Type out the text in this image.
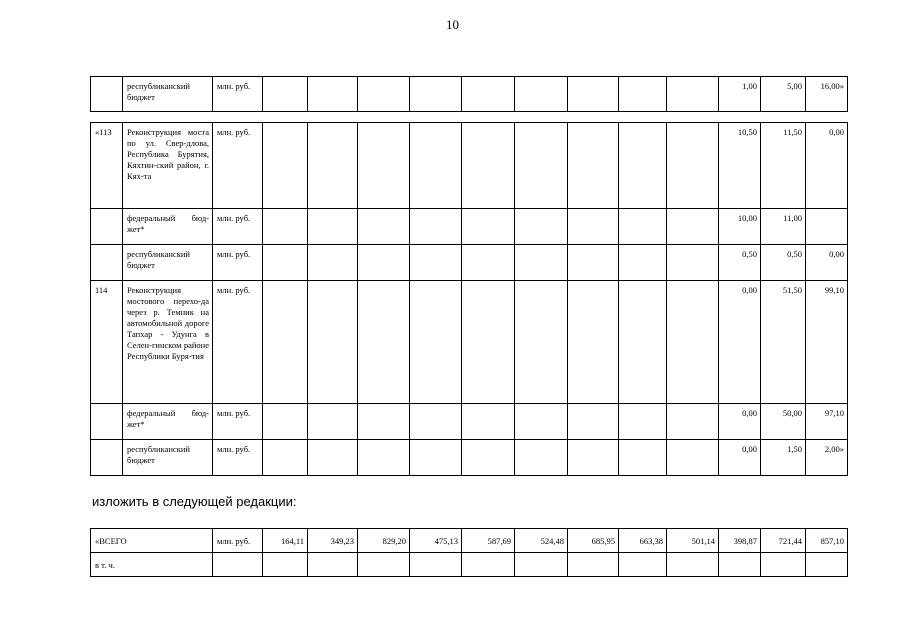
10
	республиканский бюджет	млн. руб.										1,00	5,00	16,00»
«113	Реконструкция моста по ул. Свер-длова, Республика Бурятия, Кяхтин-ский район, г. Кях-та	млн. руб.										10,50	11,50	0,00
	федеральный бюд-жет*	млн. руб.										10,00	11,00	
	республиканский бюджет	млн. руб.										0,50	0,50	0,00
114	Реконструкция мостового перехо-да через р. Темник на автомобильной дороге Тапхар - Удунга в Селен-гинском районе Республики Буря-тия	млн. руб.										0,00	51,50	99,10
	федеральный бюд-жет*	млн. руб.										0,00	50,00	97,10
	республиканский бюджет	млн. руб.										0,00	1,50	2,00»
изложить в следующей редакции:
«ВСЕГО	млн. руб.	164,11	349,23	829,20	475,13	587,69	524,48	685,95	663,38	501,14	398,87	721,44	857,10
в т. ч.													
